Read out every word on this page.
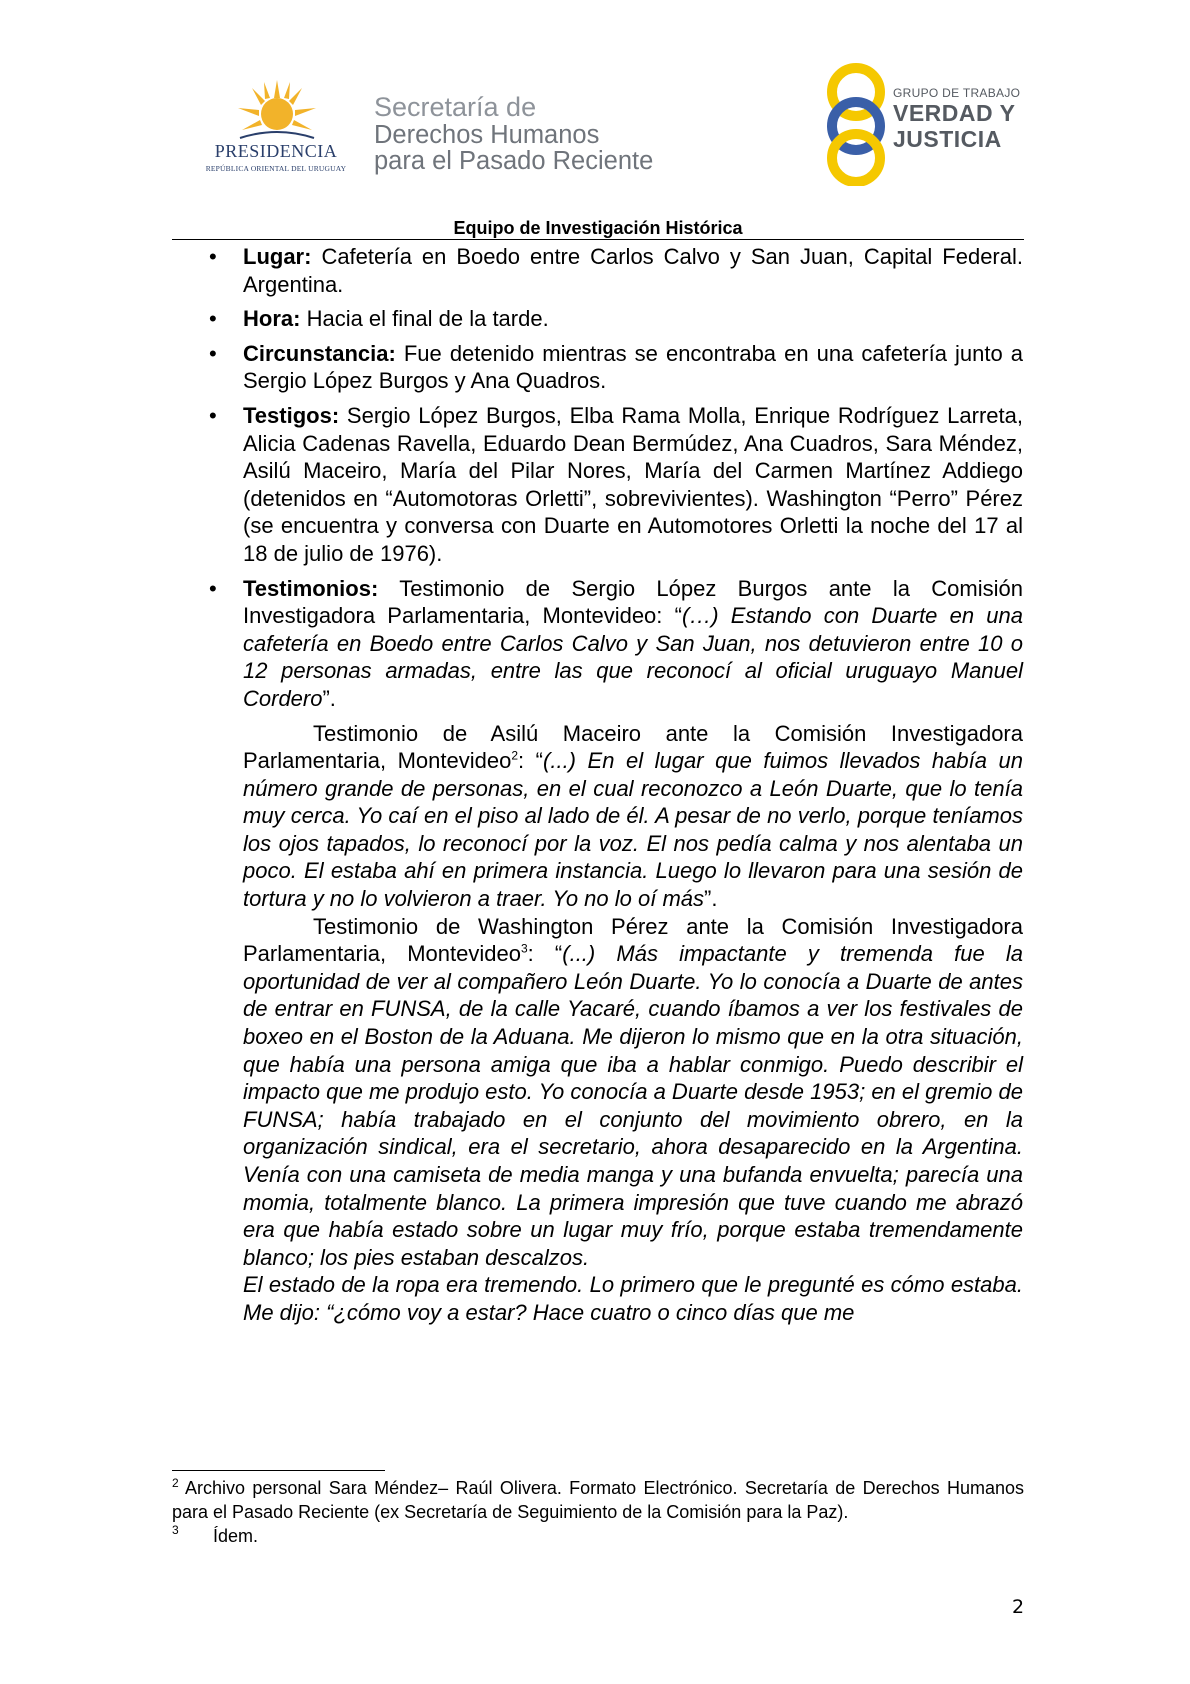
PRESIDENCIA
REPÚBLICA ORIENTAL DEL URUGUAY
Secretaría de
Derechos Humanos
para el Pasado Reciente
GRUPO DE TRABAJO
VERDAD Y
JUSTICIA
Equipo de Investigación Histórica
• Lugar: Cafetería en Boedo entre Carlos Calvo y San Juan, Capital Federal. Argentina.

• Hora: Hacia el final de la tarde.

• Circunstancia: Fue detenido mientras se encontraba en una cafetería junto a Sergio López Burgos y Ana Quadros.

• Testigos: Sergio López Burgos, Elba Rama Molla, Enrique Rodríguez Larreta, Alicia Cadenas Ravella, Eduardo Dean Bermúdez, Ana Cuadros, Sara Méndez, Asilú Maceiro, María del Pilar Nores, María del Carmen Martínez Addiego (detenidos en “Automotoras Orletti”, sobrevivientes). Washington “Perro” Pérez (se encuentra y conversa con Duarte en Automotores Orletti la noche del 17 al 18 de julio de 1976).

• Testimonios: Testimonio de Sergio López Burgos ante la Comisión Investigadora Parlamentaria, Montevideo: “(…) Estando con Duarte en una cafetería en Boedo entre Carlos Calvo y San Juan, nos detuvieron entre 10 o 12 personas armadas, entre las que reconocí al oficial uruguayo Manuel Cordero”.

Testimonio de Asilú Maceiro ante la Comisión Investigadora Parlamentaria, Montevideo$^2$: “(...) En el lugar que fuimos llevados había un número grande de personas, en el cual reconozco a León Duarte, que lo tenía muy cerca. Yo caí en el piso al lado de él. A pesar de no verlo, porque teníamos los ojos tapados, lo reconocí por la voz. El nos pedía calma y nos alentaba un poco. El estaba ahí en primera instancia. Luego lo llevaron para una sesión de tortura y no lo volvieron a traer. Yo no lo oí más”.

Testimonio de Washington Pérez ante la Comisión Investigadora Parlamentaria, Montevideo$^3$: “(...) Más impactante y tremenda fue la oportunidad de ver al compañero León Duarte. Yo lo conocía a Duarte de antes de entrar en FUNSA, de la calle Yacaré, cuando íbamos a ver los festivales de boxeo en el Boston de la Aduana. Me dijeron lo mismo que en la otra situación, que había una persona amiga que iba a hablar conmigo. Puedo describir el impacto que me produjo esto. Yo conocía a Duarte desde 1953; en el gremio de FUNSA; había trabajado en el conjunto del movimiento obrero, en la organización sindical, era el secretario, ahora desaparecido en la Argentina. Venía con una camiseta de media manga y una bufanda envuelta; parecía una momia, totalmente blanco. La primera impresión que tuve cuando me abrazó era que había estado sobre un lugar muy frío, porque estaba tremendamente blanco; los pies estaban descalzos.

El estado de la ropa era tremendo. Lo primero que le pregunté es cómo estaba. Me dijo: “¿cómo voy a estar? Hace cuatro o cinco días que me

$^2$ Archivo personal Sara Méndez– Raúl Olivera. Formato Electrónico. Secretaría de Derechos Humanos para el Pasado Reciente (ex Secretaría de Seguimiento de la Comisión para la Paz).

3 Ídem.

2
